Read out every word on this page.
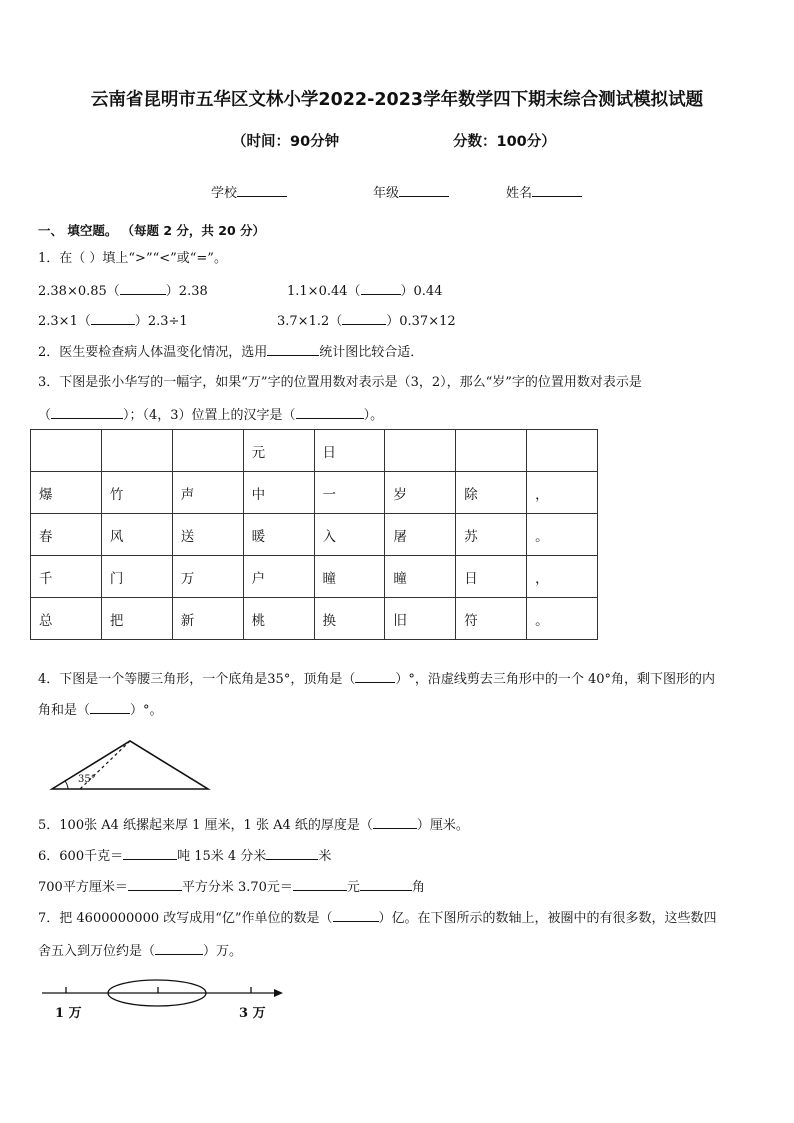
云南省昆明市五华区文林小学2022-2023学年数学四下期末综合测试模拟试题
（时间：90分钟	分数：100分）
学校	年级	姓名
一、 填空题。 （每题 2 分，共 20 分）
1．在（ ）填上“>”“<”或“=”。
2.38×0.85（	）2.38	1.1×0.44（	）0.44
2.3×1（	）2.3÷1	3.7×1.2（	）0.37×12
2．医生要检查病人体温变化情况，选用	统计图比较合适．
3．下图是张小华写的一幅字，如果“万”字的位置用数对表示是（3，2），那么“岁”字的位置用数对表示是
（	）；（4，3）位置上的汉字是（	）。
			元	日			
爆	竹	声	中	一	岁	除	，
春	风	送	暖	入	屠	苏	。
千	门	万	户	曈	曈	日	，
总	把	新	桃	换	旧	符	。
4．下图是一个等腰三角形，一个底角是35°，顶角是（	）°，沿虚线剪去三角形中的一个 40°角，剩下图形的内
角和是（	）°。
35°
5．100张 A4 纸摞起来厚 1 厘米，1 张 A4 纸的厚度是（	）厘米。
6．600千克＝	吨 15米 4 分米	米
700平方厘米＝	平方分米 3.70元＝	元	角
7．把 4600000000 改写成用“亿”作单位的数是（	）亿。在下图所示的数轴上，被圈中的有很多数，这些数四
舍五入到万位约是（	）万。
1 万	3 万
